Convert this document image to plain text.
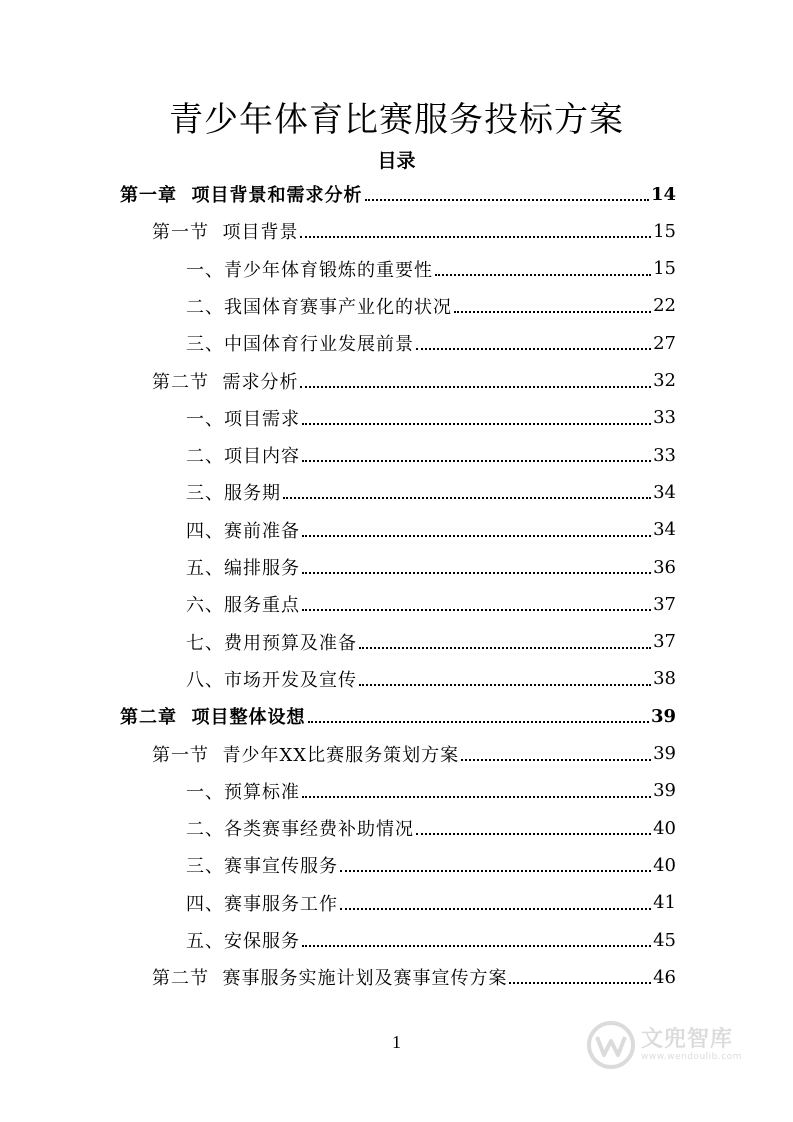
青少年体育比赛服务投标方案
目录
第一章  项目背景和需求分析	14
第一节  项目背景	15
一、青少年体育锻炼的重要性	15
二、我国体育赛事产业化的状况	22
三、中国体育行业发展前景	27
第二节  需求分析	32
一、项目需求	33
二、项目内容	33
三、服务期	34
四、赛前准备	34
五、编排服务	36
六、服务重点	37
七、费用预算及准备	37
八、市场开发及宣传	38
第二章  项目整体设想	39
第一节  青少年XX比赛服务策划方案	39
一、预算标准	39
二、各类赛事经费补助情况	40
三、赛事宣传服务	40
四、赛事服务工作	41
五、安保服务	45
第二节  赛事服务实施计划及赛事宣传方案	46
1	文兜智库
www.wendoulib.com
